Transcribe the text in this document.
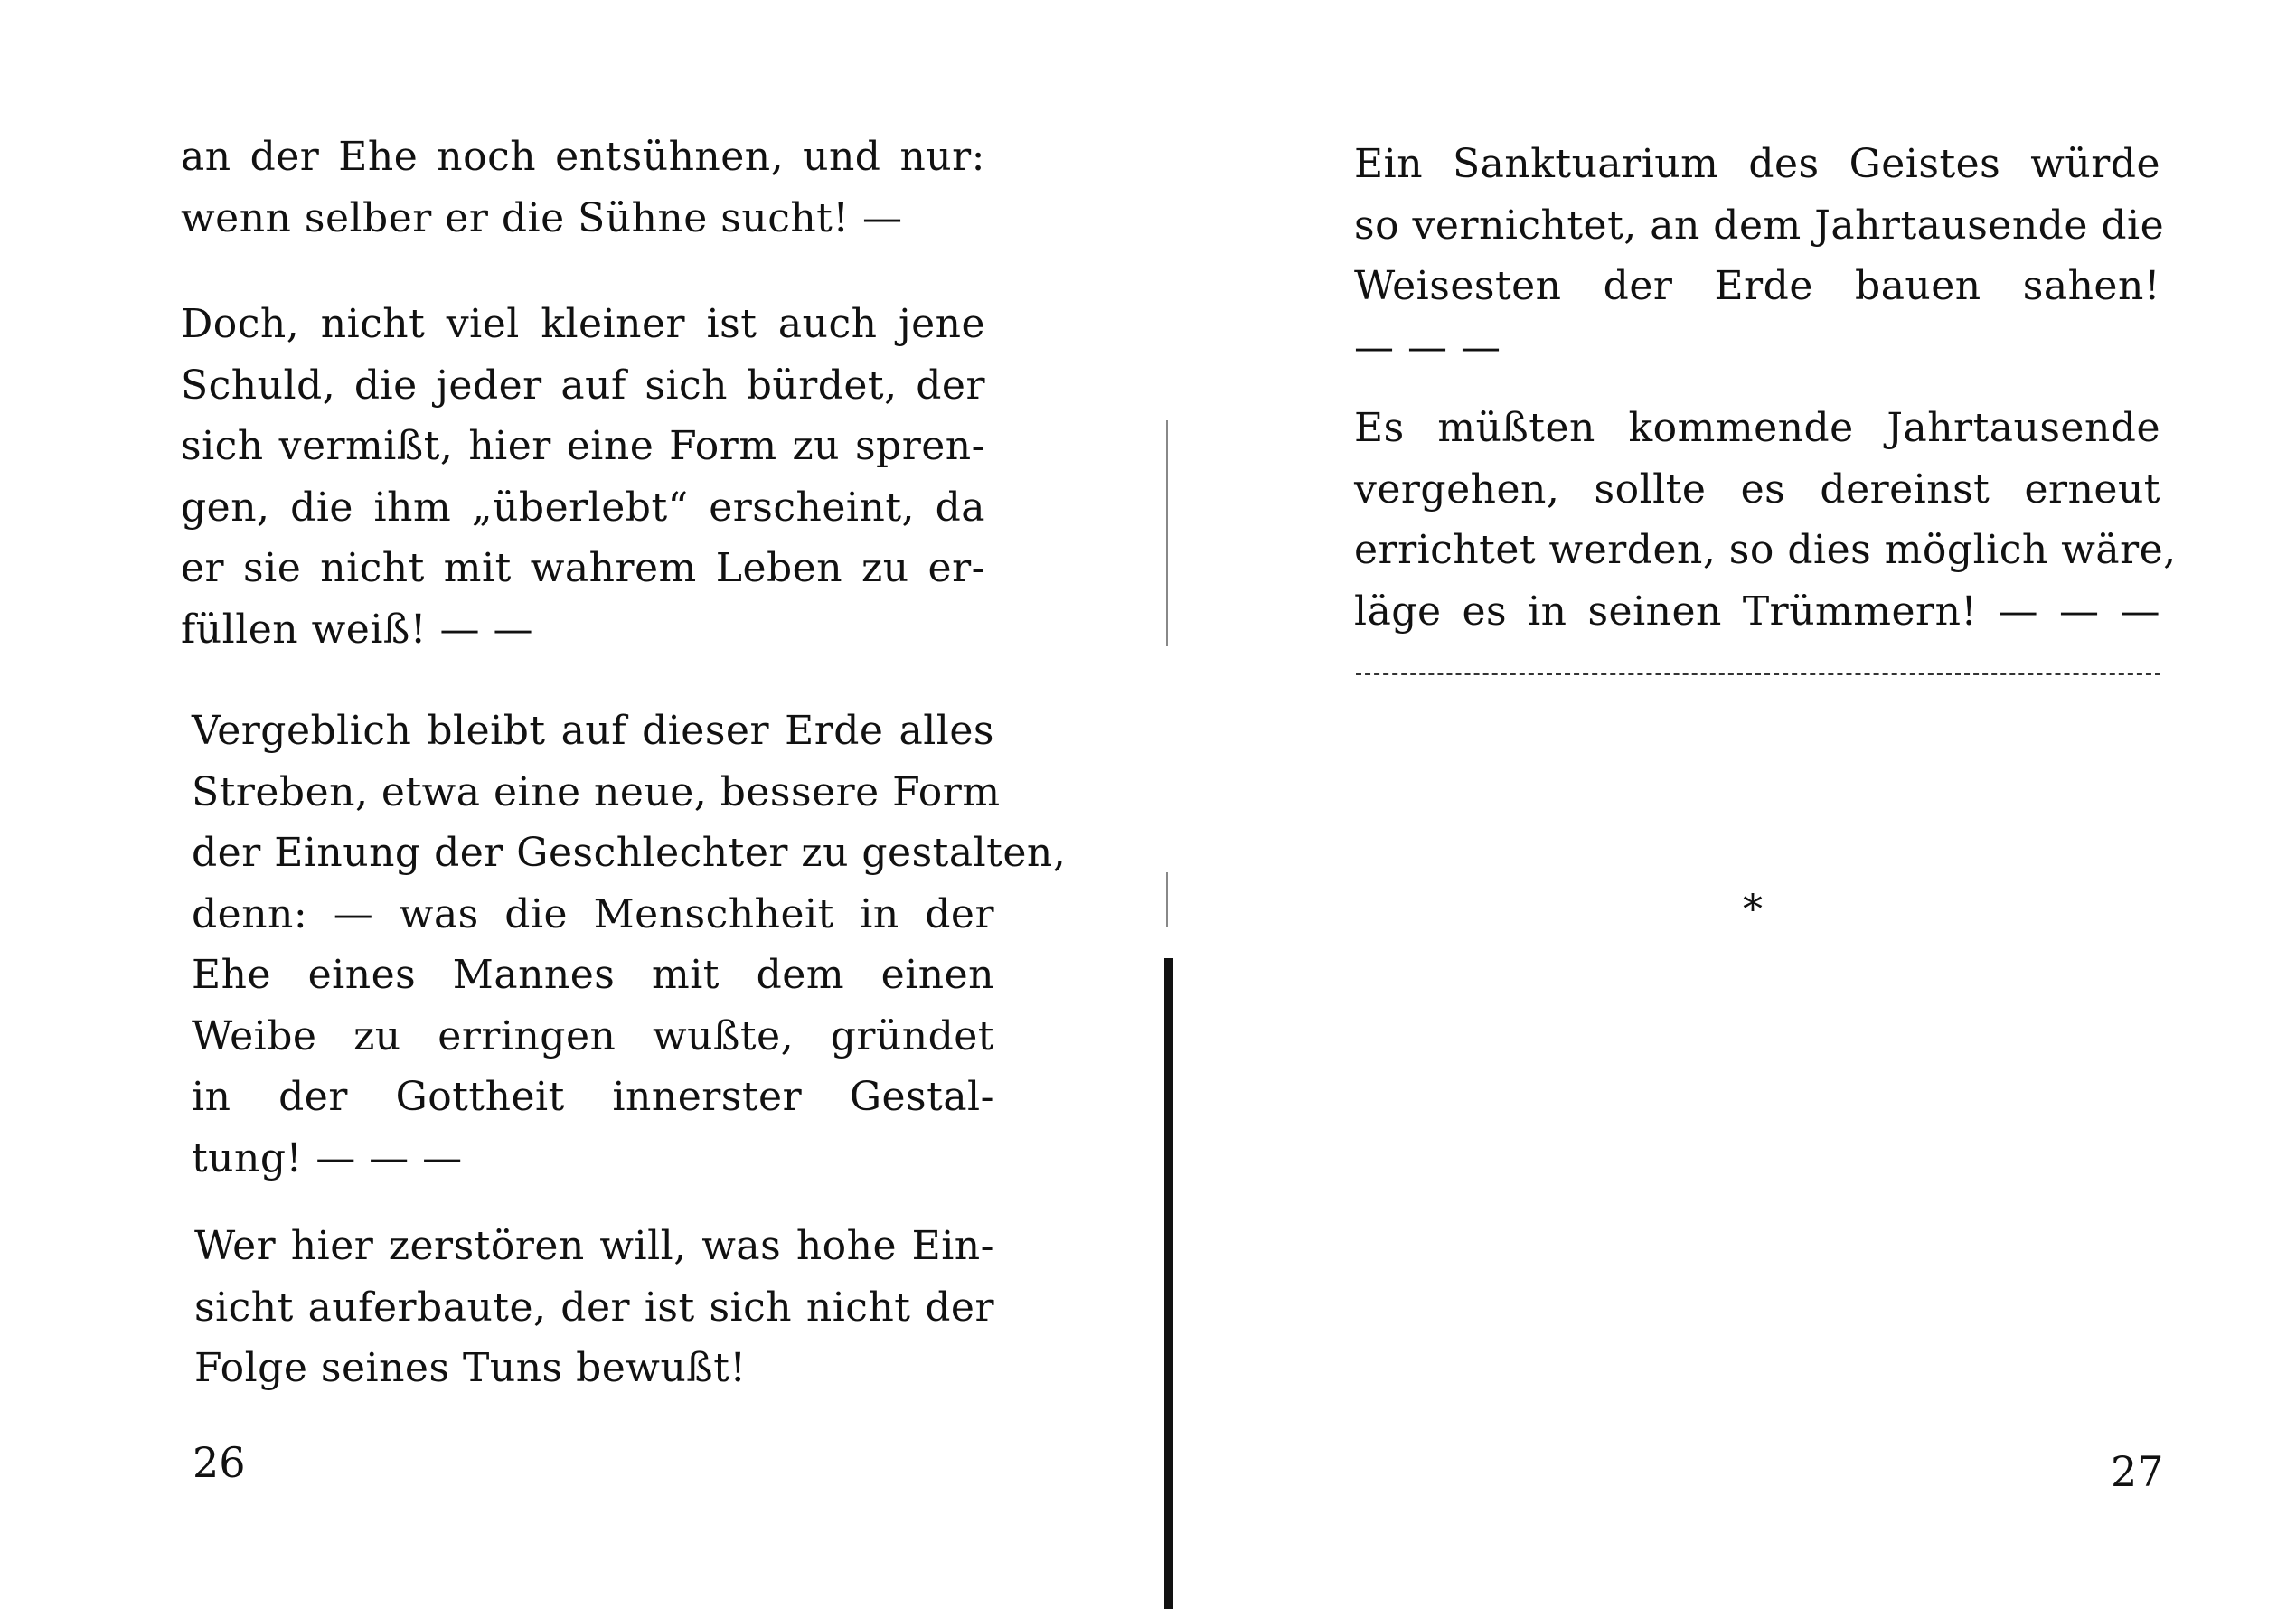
an der Ehe noch entsühnen, und nur:
wenn selber er die Sühne sucht! —
Doch, nicht viel kleiner ist auch jene
Schuld, die jeder auf sich bürdet, der
sich vermißt, hier eine Form zu spren-
gen, die ihm „überlebt“ erscheint, da
er sie nicht mit wahrem Leben zu er-
füllen weiß! — —
Vergeblich bleibt auf dieser Erde alles
Streben, etwa eine neue, bessere Form
der Einung der Geschlechter zu gestalten,
denn: — was die Menschheit in der
Ehe eines Mannes mit dem einen
Weibe zu erringen wußte, gründet
in der Gottheit innerster Gestal-
tung! — — —
Wer hier zerstören will, was hohe Ein-
sicht auferbaute, der ist sich nicht der
Folge seines Tuns bewußt!
26
Ein Sanktuarium des Geistes würde
so vernichtet, an dem Jahrtausende die
Weisesten der Erde bauen sahen!
— — —
Es müßten kommende Jahrtausende
vergehen, sollte es dereinst erneut
errichtet werden, so dies möglich wäre,
läge es in seinen Trümmern! — — —
*
27
